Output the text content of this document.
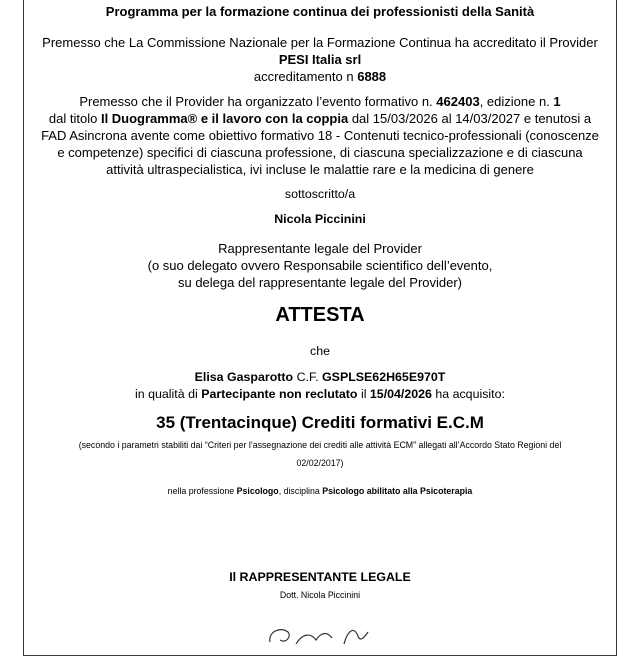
Programma per la formazione continua dei professionisti della Sanità
Premesso che La Commissione Nazionale per la Formazione Continua ha accreditato il Provider
PESI Italia srl
accreditamento n 6888
Premesso che il Provider ha organizzato l’evento formativo n. 462403, edizione n. 1
dal titolo Il Duogramma® e il lavoro con la coppia dal 15/03/2026 al 14/03/2027 e tenutosi a
FAD Asincrona avente come obiettivo formativo 18 - Contenuti tecnico-professionali (conoscenze
e competenze) specifici di ciascuna professione, di ciascuna specializzazione e di ciascuna
attività ultraspecialistica, ivi incluse le malattie rare e la medicina di genere
sottoscritto/a
Nicola Piccinini
Rappresentante legale del Provider
(o suo delegato ovvero Responsabile scientifico dell’evento,
su delega del rappresentante legale del Provider)
ATTESTA
che
Elisa Gasparotto C.F. GSPLSE62H65E970T
in qualità di Partecipante non reclutato il 15/04/2026 ha acquisito:
35 (Trentacinque) Crediti formativi E.C.M
(secondo i parametri stabiliti dai “Criteri per l’assegnazione dei crediti alle attività ECM” allegati all’Accordo Stato Regioni del
02/02/2017)
nella professione Psicologo, disciplina Psicologo abilitato alla Psicoterapia
Il RAPPRESENTANTE LEGALE
Dott. Nicola Piccinini
